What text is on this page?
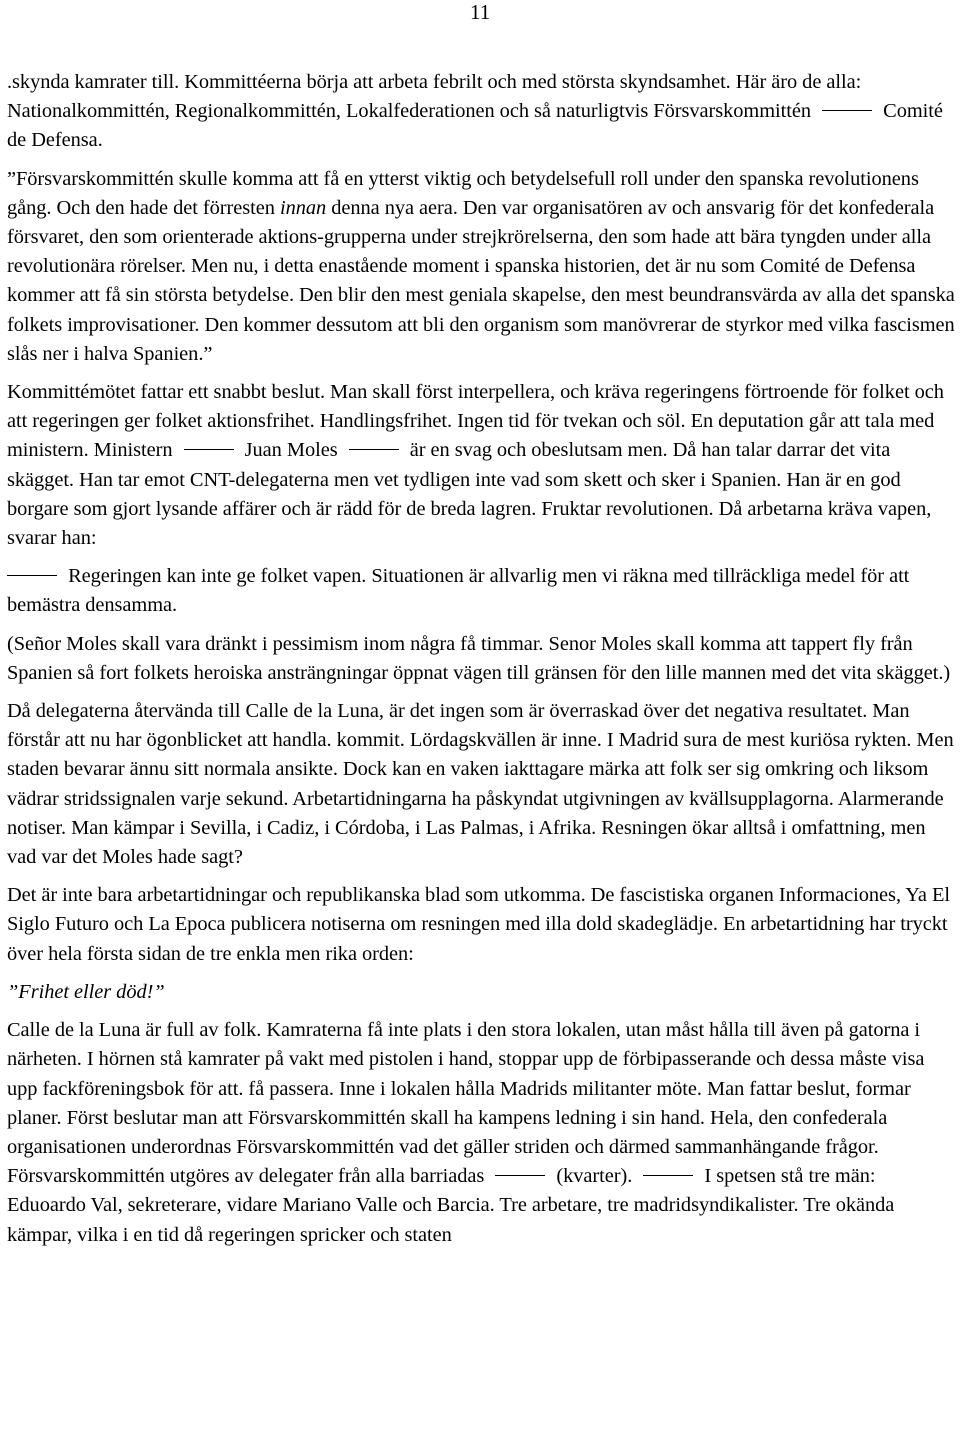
11

.skynda kamrater till. Kommittéerna börja att arbeta febrilt och med största skyndsamhet. Här äro de alla: Nationalkommittén, Regionalkommittén, Lokalfederationen och så naturligtvis Försvarskommittén	Comité de Defensa.

”Försvarskommittén skulle komma att få en ytterst viktig och betydelsefull roll under den spanska revolutionens gång. Och den hade det förresten innan denna nya aera. Den var organisatören av och ansvarig för det konfederala försvaret, den som orienterade aktions-grupperna under strejkrörelserna, den som hade att bära tyngden under alla revolutionära rörelser. Men nu, i detta enastående moment i spanska historien, det är nu som Comité de Defensa kommer att få sin största betydelse. Den blir den mest geniala skapelse, den mest beundransvärda av alla det spanska folkets improvisationer. Den kommer dessutom att bli den organism som manövrerar de styrkor med vilka fascismen slås ner i halva Spanien.”

Kommittémötet fattar ett snabbt beslut. Man skall först interpellera, och kräva regeringens förtroende för folket och att regeringen ger folket aktionsfrihet. Handlingsfrihet. Ingen tid för tvekan och söl. En deputation går att tala med ministern. Ministern	Juan Moles	är en svag och obeslutsam men. Då han talar darrar det vita skägget. Han tar emot CNT-delegaterna men vet tydligen inte vad som skett och sker i Spanien. Han är en god borgare som gjort lysande affärer och är rädd för de breda lagren. Fruktar revolutionen. Då arbetarna kräva vapen, svarar han:

Regeringen kan inte ge folket vapen. Situationen är allvarlig men vi räkna med tillräckliga medel för att bemästra densamma.

(Señor Moles skall vara dränkt i pessimism inom några få timmar. Senor Moles skall komma att tappert fly från Spanien så fort folkets heroiska ansträngningar öppnat vägen till gränsen för den lille mannen med det vita skägget.)

Då delegaterna återvända till Calle de la Luna, är det ingen som är överraskad över det negativa resultatet. Man förstår att nu har ögonblicket att handla. kommit. Lördagskvällen är inne. I Madrid sura de mest kuriösa rykten. Men staden bevarar ännu sitt normala ansikte. Dock kan en vaken iakttagare märka att folk ser sig omkring och liksom vädrar stridssignalen varje sekund. Arbetartidningarna ha påskyndat utgivningen av kvällsupplagorna. Alarmerande notiser. Man kämpar i Sevilla, i Cadiz, i Córdoba, i Las Palmas, i Afrika. Resningen ökar alltså i omfattning, men vad var det Moles hade sagt?

Det är inte bara arbetartidningar och republikanska blad som utkomma. De fascistiska organen Informaciones, Ya El Siglo Futuro och La Epoca publicera notiserna om resningen med illa dold skadeglädje. En arbetartidning har tryckt över hela första sidan de tre enkla men rika orden:

”Frihet eller död!”

Calle de la Luna är full av folk. Kamraterna få inte plats i den stora lokalen, utan måst hålla till även på gatorna i närheten. I hörnen stå kamrater på vakt med pistolen i hand, stoppar upp de förbipasserande och dessa måste visa upp fackföreningsbok för att. få passera. Inne i lokalen hålla Madrids militanter möte. Man fattar beslut, formar planer. Först beslutar man att Försvarskommittén skall ha kampens ledning i sin hand. Hela, den confederala organisationen underordnas Försvarskommittén vad det gäller striden och därmed sammanhängande frågor. Försvarskommittén utgöres av delegater från alla barriadas	(kvarter).	I spetsen stå tre män: Eduoardo Val, sekreterare, vidare Mariano Valle och Barcia. Tre arbetare, tre madridsyndikalister. Tre okända kämpar, vilka i en tid då regeringen spricker och staten
